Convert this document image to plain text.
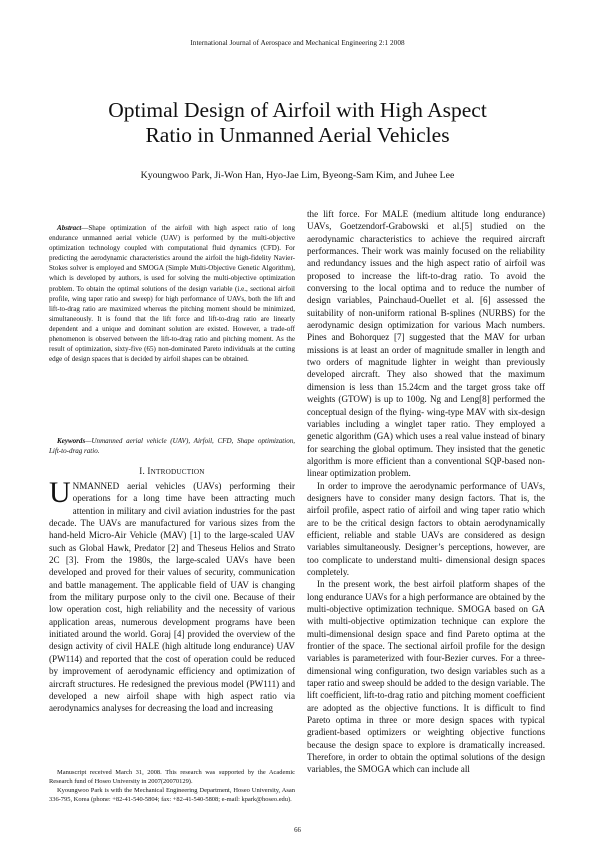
International Journal of Aerospace and Mechanical Engineering 2:1 2008
Optimal Design of Airfoil with High Aspect
Ratio in Unmanned Aerial Vehicles
Kyoungwoo Park, Ji-Won Han, Hyo-Jae Lim, Byeong-Sam Kim, and Juhee Lee

Abstract—Shape optimization of the airfoil with high aspect ratio of long endurance unmanned aerial vehicle (UAV) is performed by the multi-objective optimization technology coupled with computational fluid dynamics (CFD). For predicting the aerodynamic characteristics around the airfoil the high-fidelity Navier-Stokes solver is employed and SMOGA (Simple Multi-Objective Genetic Algorithm), which is developed by authors, is used for solving the multi-objective optimization problem. To obtain the optimal solutions of the design variable (i.e., sectional airfoil profile, wing taper ratio and sweep) for high performance of UAVs, both the lift and lift-to-drag ratio are maximized whereas the pitching moment should be minimized, simultaneously. It is found that the lift force and lift-to-drag ratio are linearly dependent and a unique and dominant solution are existed. However, a trade-off phenomenon is observed between the lift-to-drag ratio and pitching moment. As the result of optimization, sixty-five (65) non-dominated Pareto individuals at the cutting edge of design spaces that is decided by airfoil shapes can be obtained.

Keywords—Unmanned aerial vehicle (UAV), Airfoil, CFD, Shape optimization, Lift-to-drag ratio.

I. INTRODUCTION

UNMANNED aerial vehicles (UAVs) performing their operations for a long time have been attracting much attention in military and civil aviation industries for the past decade. The UAVs are manufactured for various sizes from the hand-held Micro-Air Vehicle (MAV) [1] to the large-scaled UAV such as Global Hawk, Predator [2] and Theseus Helios and Strato 2C [3]. From the 1980s, the large-scaled UAVs have been developed and proved for their values of security, communication and battle management. The applicable field of UAV is changing from the military purpose only to the civil one. Because of their low operation cost, high reliability and the necessity of various application areas, numerous development programs have been initiated around the world. Goraj [4] provided the overview of the design activity of civil HALE (high altitude long endurance) UAV (PW114) and reported that the cost of operation could be reduced by improvement of aerodynamic efficiency and optimization of aircraft structures. He redesigned the previous model (PW111) and developed a new airfoil shape with high aspect ratio via aerodynamics analyses for decreasing the load and increasing

Manuscript received March 31, 2008. This research was supported by the Academic Research fund of Hoseo University in 2007(20070129).

Kyoungwoo Park is with the Mechanical Engineering Department, Hoseo University, Asan 336-795, Korea (phone: +82-41-540-5804; fax: +82-41-540-5808; e-mail: kpark@hoseo.edu).

the lift force. For MALE (medium altitude long endurance) UAVs, Goetzendorf-Grabowski et al.[5] studied on the aerodynamic characteristics to achieve the required aircraft performances. Their work was mainly focused on the reliability and redundancy issues and the high aspect ratio of airfoil was proposed to increase the lift-to-drag ratio. To avoid the conversing to the local optima and to reduce the number of design variables, Painchaud-Ouellet et al. [6] assessed the suitability of non-uniform rational B-splines (NURBS) for the aerodynamic design optimization for various Mach numbers. Pines and Bohorquez [7] suggested that the MAV for urban missions is at least an order of magnitude smaller in length and two orders of magnitude lighter in weight than previously developed aircraft. They also showed that the maximum dimension is less than 15.24cm and the target gross take off weights (GTOW) is up to 100g. Ng and Leng[8] performed the conceptual design of the flying- wing-type MAV with six-design variables including a winglet taper ratio. They employed a genetic algorithm (GA) which uses a real value instead of binary for searching the global optimum. They insisted that the genetic algorithm is more efficient than a conventional SQP-based non-linear optimization problem.

In order to improve the aerodynamic performance of UAVs, designers have to consider many design factors. That is, the airfoil profile, aspect ratio of airfoil and wing taper ratio which are to be the critical design factors to obtain aerodynamically efficient, reliable and stable UAVs are considered as design variables simultaneously. Designer’s perceptions, however, are too complicate to understand multi- dimensional design spaces completely.

In the present work, the best airfoil platform shapes of the long endurance UAVs for a high performance are obtained by the multi-objective optimization technique. SMOGA based on GA with multi-objective optimization technique can explore the multi-dimensional design space and find Pareto optima at the frontier of the space. The sectional airfoil profile for the design variables is parameterized with four-Bezier curves. For a three-dimensional wing configuration, two design variables such as a taper ratio and sweep should be added to the design variable. The lift coefficient, lift-to-drag ratio and pitching moment coefficient are adopted as the objective functions. It is difficult to find Pareto optima in three or more design spaces with typical gradient-based optimizers or weighting objective functions because the design space to explore is dramatically increased. Therefore, in order to obtain the optimal solutions of the design variables, the SMOGA which can include all

66
